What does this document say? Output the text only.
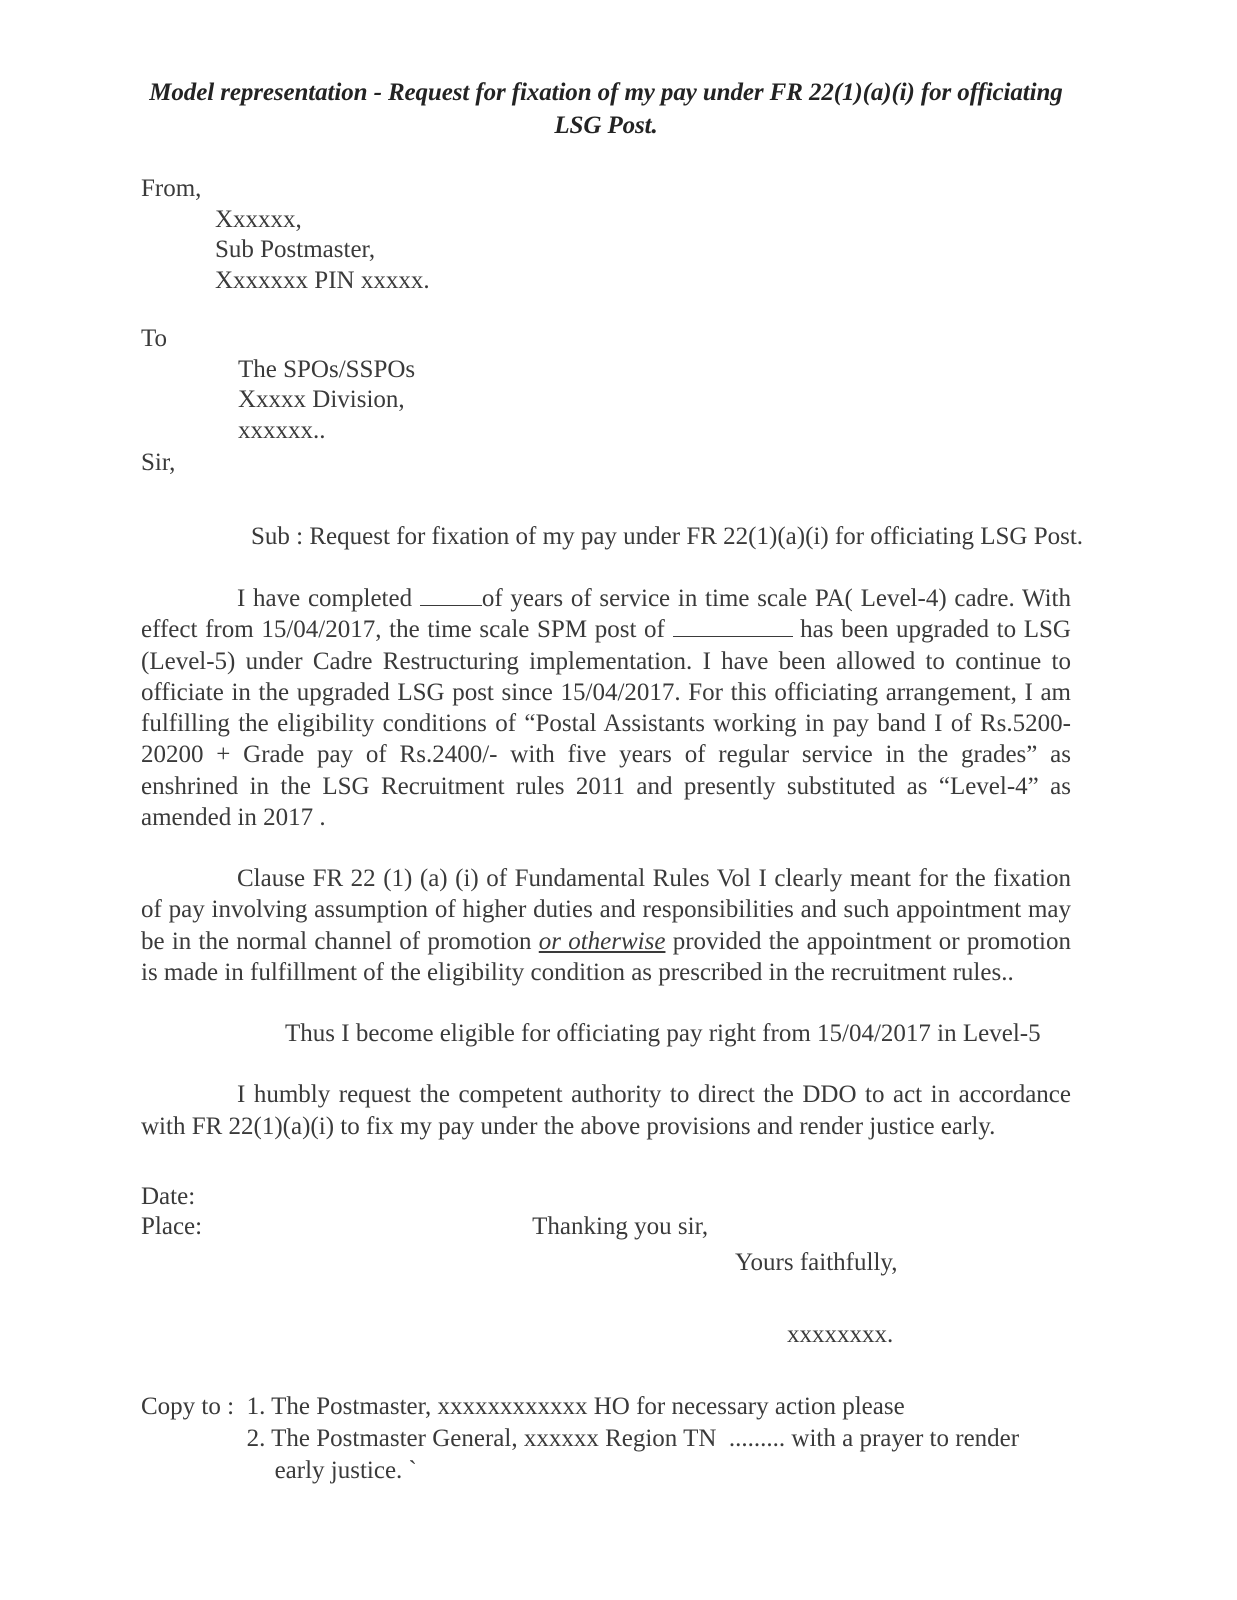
Model representation - Request for fixation of my pay under FR 22(1)(a)(i) for officiating LSG Post.
From,
Xxxxxx,
Sub Postmaster,
Xxxxxxx PIN xxxxx.
To
The SPOs/SSPOs
Xxxxx Division,
xxxxxx..
Sir,
Sub : Request for fixation of my pay under FR 22(1)(a)(i) for officiating LSG Post.

I have completed of years of service in time scale PA( Level-4) cadre. With effect from 15/04/2017, the time scale SPM post of	has been upgraded to LSG (Level-5) under Cadre Restructuring implementation. I have been allowed to continue to officiate in the upgraded LSG post since 15/04/2017. For this officiating arrangement, I am fulfilling the eligibility conditions of “Postal Assistants working in pay band I of Rs.5200-20200 + Grade pay of Rs.2400/- with five years of regular service in the grades” as enshrined in the LSG Recruitment rules 2011 and presently substituted as “Level-4” as amended in 2017 .

Clause FR 22 (1) (a) (i) of Fundamental Rules Vol I clearly meant for the fixation of pay involving assumption of higher duties and responsibilities and such appointment may be in the normal channel of promotion or otherwise provided the appointment or promotion is made in fulfillment of the eligibility condition as prescribed in the recruitment rules..

Thus I become eligible for officiating pay right from 15/04/2017 in Level-5

I humbly request the competent authority to direct the DDO to act in accordance with FR 22(1)(a)(i) to fix my pay under the above provisions and render justice early.

Date:
Place:	Thanking you sir,
Yours faithfully,
xxxxxxxx.
Copy to : 1. The Postmaster, xxxxxxxxxxxx HO for necessary action please
2. The Postmaster General, xxxxxx Region TN  ......... with a prayer to render
early justice. `
